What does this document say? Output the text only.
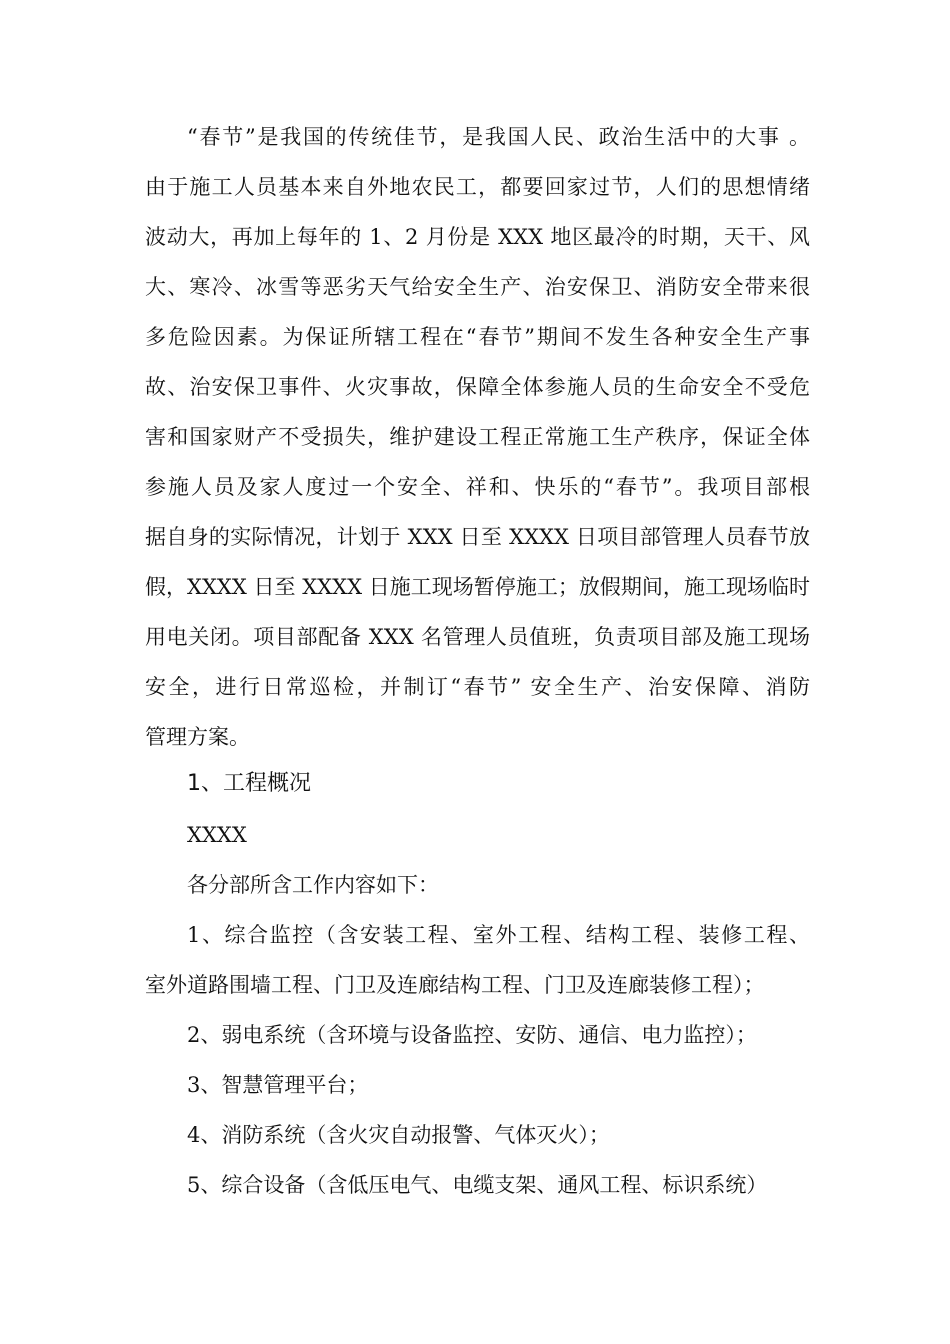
“春节”是我国的传统佳节，是我国人民、政治生活中的大事 。
由于施工人员基本来自外地农民工，都要回家过节，人们的思想情绪
波动大，再加上每年的 1、2 月份是 XXX 地区最冷的时期，天干、风
大、寒冷、冰雪等恶劣天气给安全生产、治安保卫、消防安全带来很
多危险因素。为保证所辖工程在“春节”期间不发生各种安全生产事
故、治安保卫事件、火灾事故，保障全体参施人员的生命安全不受危
害和国家财产不受损失，维护建设工程正常施工生产秩序，保证全体
参施人员及家人度过一个安全、祥和、快乐的“春节”。我项目部根
据自身的实际情况，计划于 XXX 日至 XXXX 日项目部管理人员春节放
假，XXXX 日至 XXXX 日施工现场暂停施工；放假期间，施工现场临时
用电关闭。项目部配备 XXX 名管理人员值班，负责项目部及施工现场
安全，进行日常巡检，并制订“春节” 安全生产、治安保障、消防
管理方案。
1、工程概况
XXXX
各分部所含工作内容如下：
1、综合监控（含安装工程、室外工程、结构工程、装修工程、
室外道路围墙工程、门卫及连廊结构工程、门卫及连廊装修工程）；
2、弱电系统（含环境与设备监控、安防、通信、电力监控）；
3、智慧管理平台；
4、消防系统（含火灾自动报警、气体灭火）；
5、综合设备（含低压电气、电缆支架、通风工程、标识系统）
